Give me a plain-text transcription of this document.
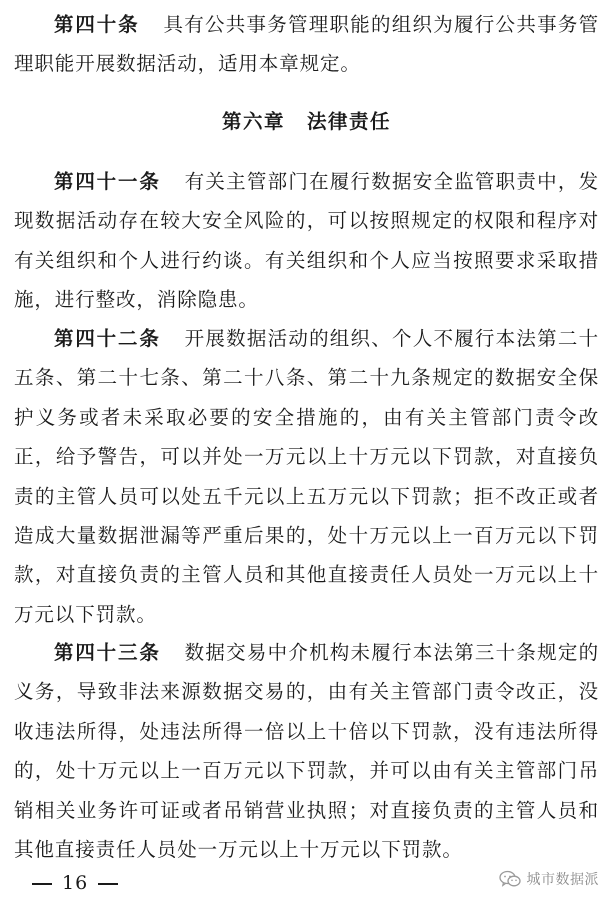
第四十条 具有公共事务管理职能的组织为履行公共事务管理职能开展数据活动，适用本章规定。

第六章 法律责任

第四十一条 有关主管部门在履行数据安全监管职责中，发现数据活动存在较大安全风险的，可以按照规定的权限和程序对有关组织和个人进行约谈。有关组织和个人应当按照要求采取措施，进行整改，消除隐患。

第四十二条 开展数据活动的组织、个人不履行本法第二十五条、第二十七条、第二十八条、第二十九条规定的数据安全保护义务或者未采取必要的安全措施的，由有关主管部门责令改正，给予警告，可以并处一万元以上十万元以下罚款，对直接负责的主管人员可以处五千元以上五万元以下罚款；拒不改正或者造成大量数据泄漏等严重后果的，处十万元以上一百万元以下罚款，对直接负责的主管人员和其他直接责任人员处一万元以上十万元以下罚款。

第四十三条 数据交易中介机构未履行本法第三十条规定的义务，导致非法来源数据交易的，由有关主管部门责令改正，没收违法所得，处违法所得一倍以上十倍以下罚款，没有违法所得的，处十万元以上一百万元以下罚款，并可以由有关主管部门吊销相关业务许可证或者吊销营业执照；对直接负责的主管人员和其他直接责任人员处一万元以上十万元以下罚款。

16	城市数据派
